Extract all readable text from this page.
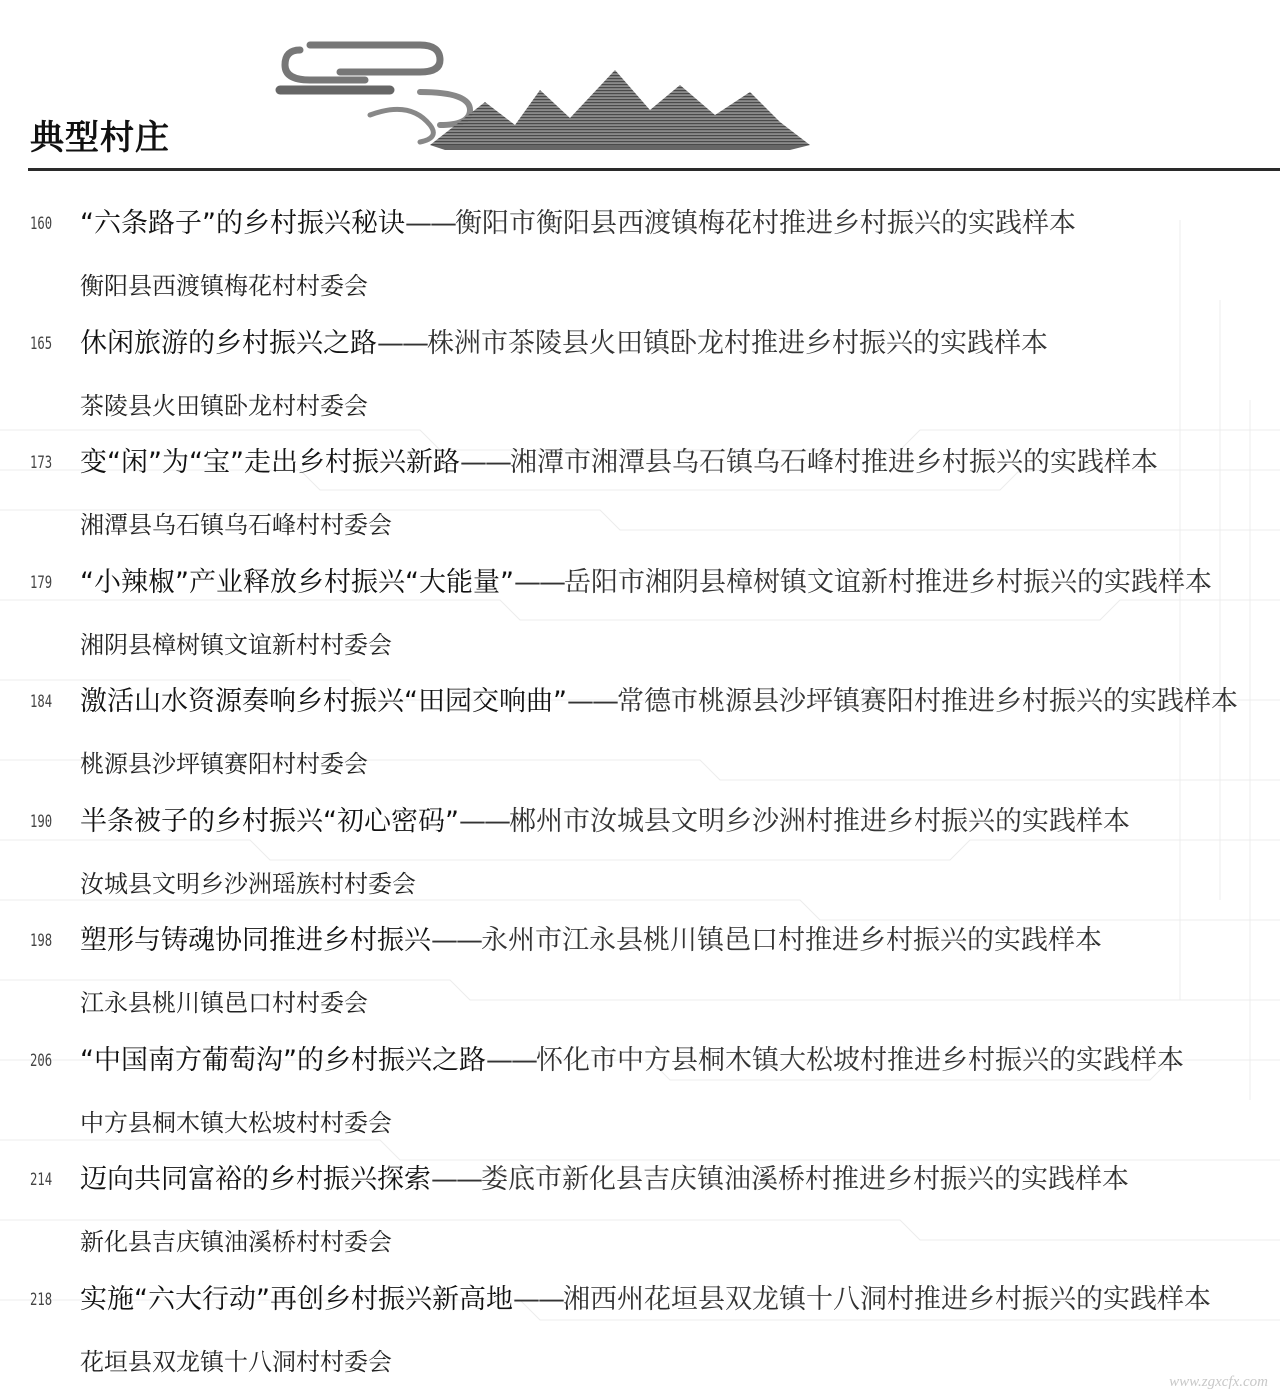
典型村庄
160 “六条路子”的乡村振兴秘诀——衡阳市衡阳县西渡镇梅花村推进乡村振兴的实践样本
衡阳县西渡镇梅花村村委会
165 休闲旅游的乡村振兴之路——株洲市茶陵县火田镇卧龙村推进乡村振兴的实践样本
茶陵县火田镇卧龙村村委会
173 变“闲”为“宝”走出乡村振兴新路——湘潭市湘潭县乌石镇乌石峰村推进乡村振兴的实践样本
湘潭县乌石镇乌石峰村村委会
179 “小辣椒”产业释放乡村振兴“大能量”——岳阳市湘阴县樟树镇文谊新村推进乡村振兴的实践样本
湘阴县樟树镇文谊新村村委会
184 激活山水资源奏响乡村振兴“田园交响曲”——常德市桃源县沙坪镇赛阳村推进乡村振兴的实践样本
桃源县沙坪镇赛阳村村委会
190 半条被子的乡村振兴“初心密码”——郴州市汝城县文明乡沙洲村推进乡村振兴的实践样本
汝城县文明乡沙洲瑶族村村委会
198 塑形与铸魂协同推进乡村振兴——永州市江永县桃川镇邑口村推进乡村振兴的实践样本
江永县桃川镇邑口村村委会
206 “中国南方葡萄沟”的乡村振兴之路——怀化市中方县桐木镇大松坡村推进乡村振兴的实践样本
中方县桐木镇大松坡村村委会
214 迈向共同富裕的乡村振兴探索——娄底市新化县吉庆镇油溪桥村推进乡村振兴的实践样本
新化县吉庆镇油溪桥村村委会
218 实施“六大行动”再创乡村振兴新高地——湘西州花垣县双龙镇十八洞村推进乡村振兴的实践样本
花垣县双龙镇十八洞村村委会
www.zgxcfx.com
